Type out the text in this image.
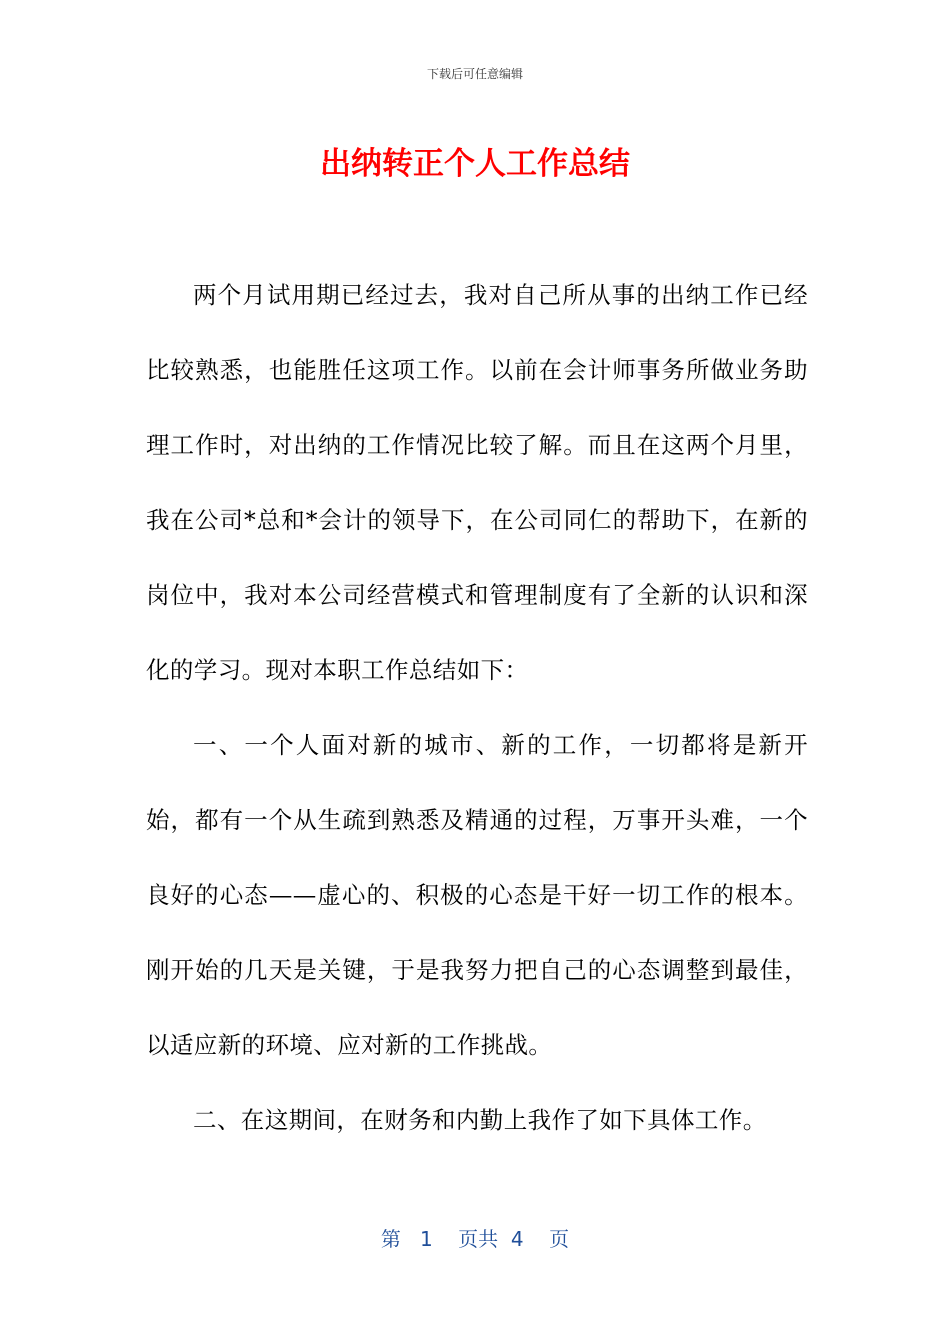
下载后可任意编辑
出纳转正个人工作总结

两个月试用期已经过去，我对自己所从事的出纳工作已经比较熟悉，也能胜任这项工作。以前在会计师事务所做业务助理工作时，对出纳的工作情况比较了解。而且在这两个月里，我在公司*总和*会计的领导下，在公司同仁的帮助下，在新的岗位中，我对本公司经营模式和管理制度有了全新的认识和深化的学习。现对本职工作总结如下：

一、一个人面对新的城市、新的工作，一切都将是新开始，都有一个从生疏到熟悉及精通的过程，万事开头难，一个良好的心态——虚心的、积极的心态是干好一切工作的根本。刚开始的几天是关键，于是我努力把自己的心态调整到最佳，以适应新的环境、应对新的工作挑战。

二、在这期间，在财务和内勤上我作了如下具体工作。

第 1 页共 4 页
